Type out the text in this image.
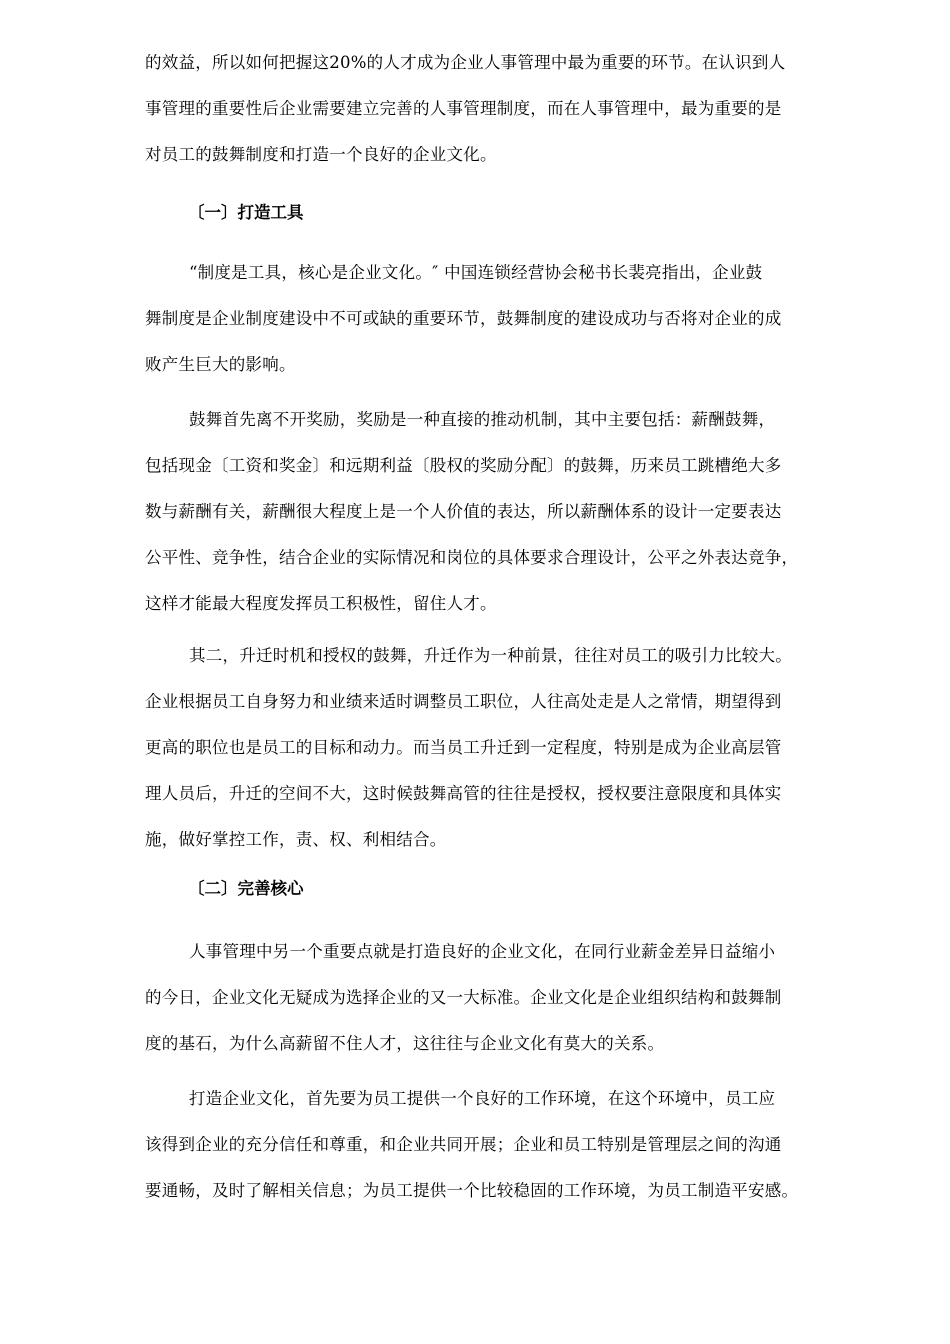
的效益，所以如何把握这20%的人才成为企业人事管理中最为重要的环节。在认识到人
事管理的重要性后企业需要建立完善的人事管理制度，而在人事管理中，最为重要的是
对员工的鼓舞制度和打造一个良好的企业文化。
〔一〕打造工具
“制度是工具，核心是企业文化。″ 中国连锁经营协会秘书长裴亮指出，企业鼓
舞制度是企业制度建设中不可或缺的重要环节，鼓舞制度的建设成功与否将对企业的成
败产生巨大的影响。
鼓舞首先离不开奖励，奖励是一种直接的推动机制，其中主要包括：薪酬鼓舞，
包括现金〔工资和奖金〕和远期利益〔股权的奖励分配〕的鼓舞，历来员工跳槽绝大多
数与薪酬有关，薪酬很大程度上是一个人价值的表达，所以薪酬体系的设计一定要表达
公平性、竞争性，结合企业的实际情况和岗位的具体要求合理设计，公平之外表达竞争，
这样才能最大程度发挥员工积极性，留住人才。
其二，升迁时机和授权的鼓舞，升迁作为一种前景，往往对员工的吸引力比较大。
企业根据员工自身努力和业绩来适时调整员工职位，人往高处走是人之常情，期望得到
更高的职位也是员工的目标和动力。而当员工升迁到一定程度，特别是成为企业高层管
理人员后，升迁的空间不大，这时候鼓舞高管的往往是授权，授权要注意限度和具体实
施，做好掌控工作，责、权、利相结合。
〔二〕完善核心
人事管理中另一个重要点就是打造良好的企业文化，在同行业薪金差异日益缩小
的今日，企业文化无疑成为选择企业的又一大标准。企业文化是企业组织结构和鼓舞制
度的基石，为什么高薪留不住人才，这往往与企业文化有莫大的关系。
打造企业文化，首先要为员工提供一个良好的工作环境，在这个环境中，员工应
该得到企业的充分信任和尊重，和企业共同开展；企业和员工特别是管理层之间的沟通
要通畅，及时了解相关信息；为员工提供一个比较稳固的工作环境，为员工制造平安感。
